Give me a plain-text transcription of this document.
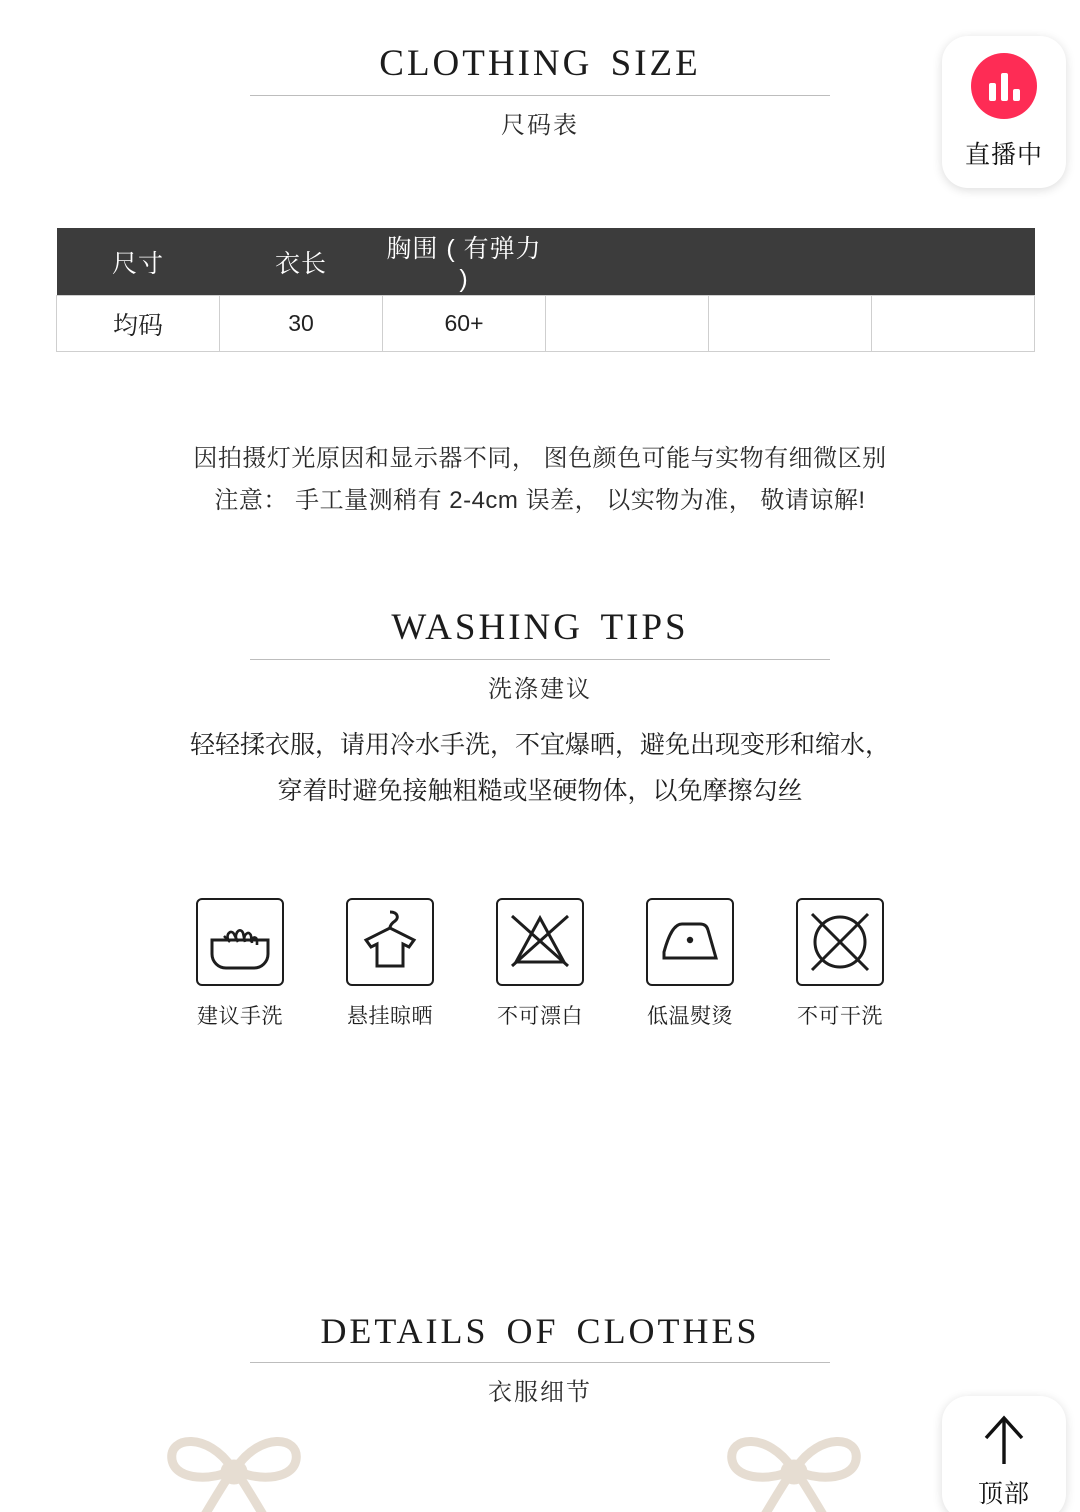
CLOTHING SIZE
尺码表
尺寸	衣长	胸围 ( 有弹力 )			
均码	30	60+			
因拍摄灯光原因和显示器不同， 图色颜色可能与实物有细微区别
注意： 手工量测稍有 2-4cm 误差， 以实物为准， 敬请谅解!
WASHING TIPS
洗涤建议
轻轻揉衣服，请用冷水手洗，不宜爆晒，避免出现变形和缩水，
穿着时避免接触粗糙或坚硬物体，以免摩擦勾丝
建议手洗	悬挂晾晒	不可漂白	低温熨烫	不可干洗
DETAILS OF CLOTHES
衣服细节
直播中
顶部
